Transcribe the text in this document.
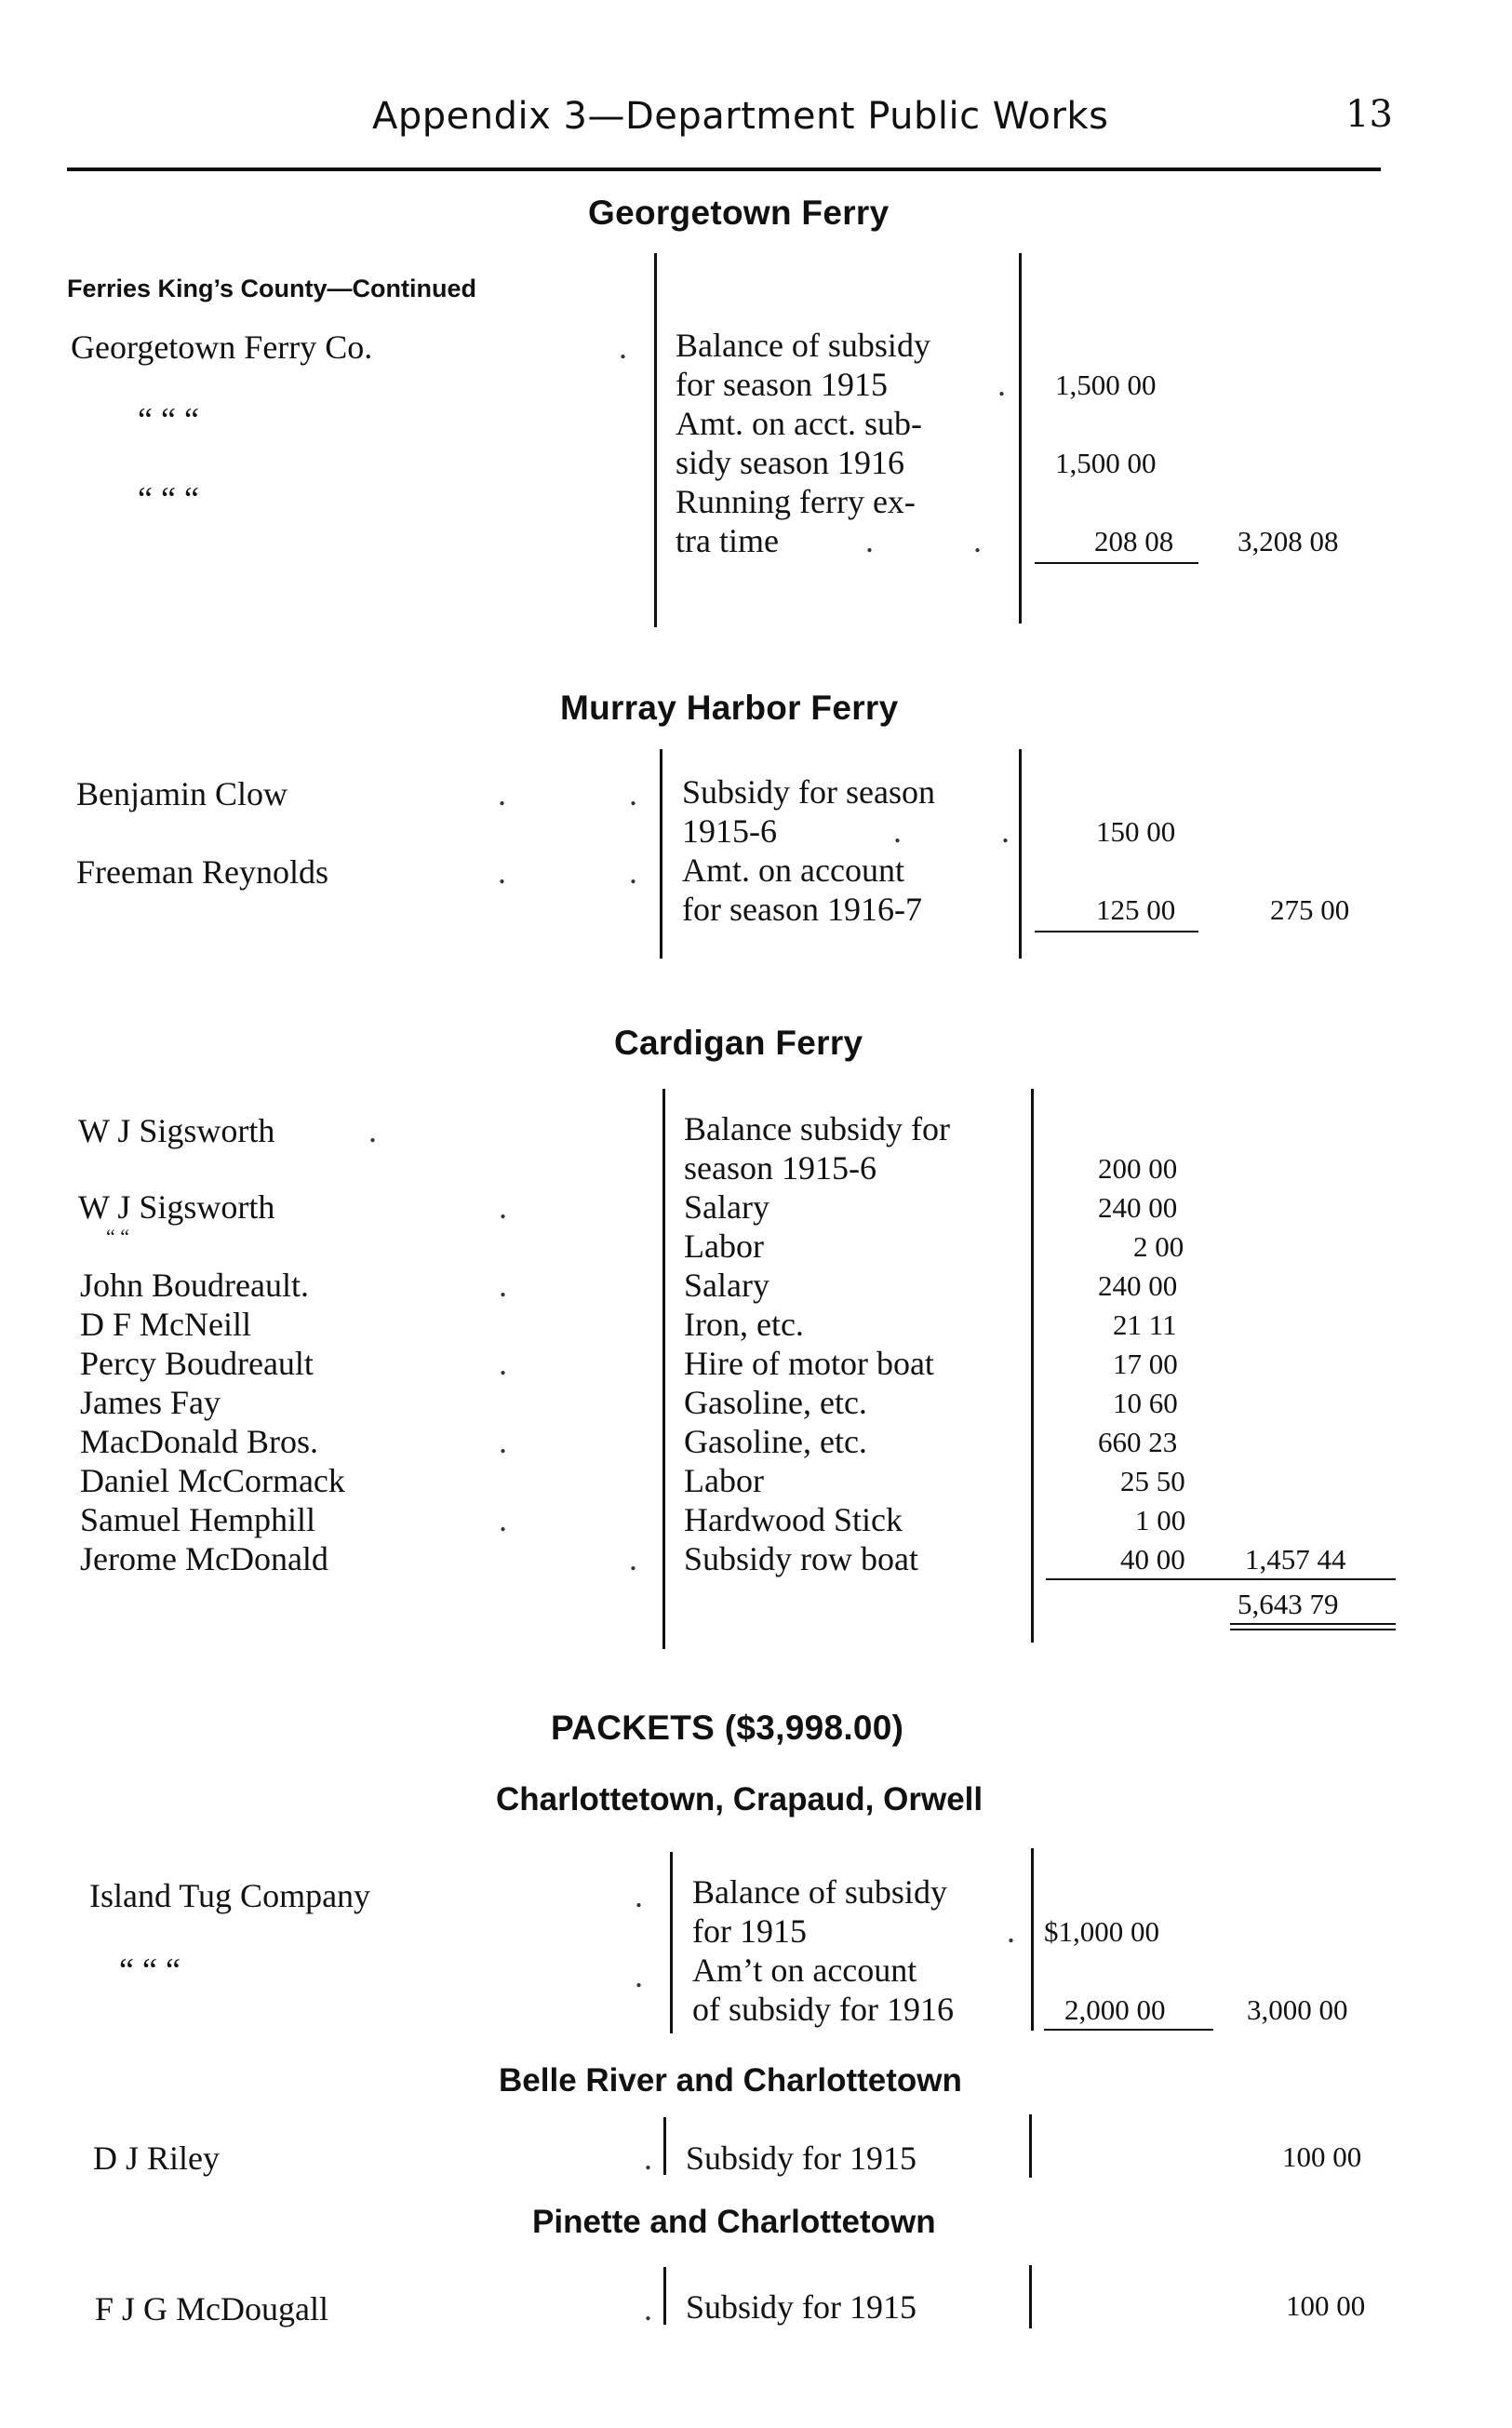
Appendix 3—Department Public Works	13
Georgetown Ferry
Ferries King’s County—Continued
Georgetown Ferry Co.	. Balance of subsidy
for season 1915	. 1,500 00
“ “ “	Amt. on acct. sub-
sidy season 1916	1,500 00
“ “ “	Running ferry ex-
tra time	.	.	208 08 3,208 08
Murray Harbor Ferry
Benjamin Clow	.	. Subsidy for season
1915-6	.	.	150 00
Freeman Reynolds	.	. Amt. on account
for season 1916-7	125 00	275 00
Cardigan Ferry
W J Sigsworth	.	Balance subsidy for
season 1915-6	200 00
W J Sigsworth	Salary	240 00
“ “	Labor	2 00
John Boudreault.	Salary	240 00
D F McNeill	Iron, etc.	21 11
Percy Boudreault	Hire of motor boat	17 00
James Fay	Gasoline, etc.	10 60
MacDonald Bros.	Gasoline, etc.	660 23
Daniel McCormack	Labor	25 50
Samuel Hemphill	Hardwood Stick	1 00
Jerome McDonald	Subsidy row boat	40 00 1,457 44
.
.
.
.
.
.
5,643 79
PACKETS ($3,998.00)
Charlottetown, Crapaud, Orwell
Island Tug Company	. Balance of subsidy
for 1915	. $1,000 00
“ “ “	. Am’t on account
of subsidy for 1916	2,000 00	3,000 00
Belle River and Charlottetown
D J Riley	. Subsidy for 1915	100 00
Pinette and Charlottetown
F J G McDougall	. Subsidy for 1915	100 00
